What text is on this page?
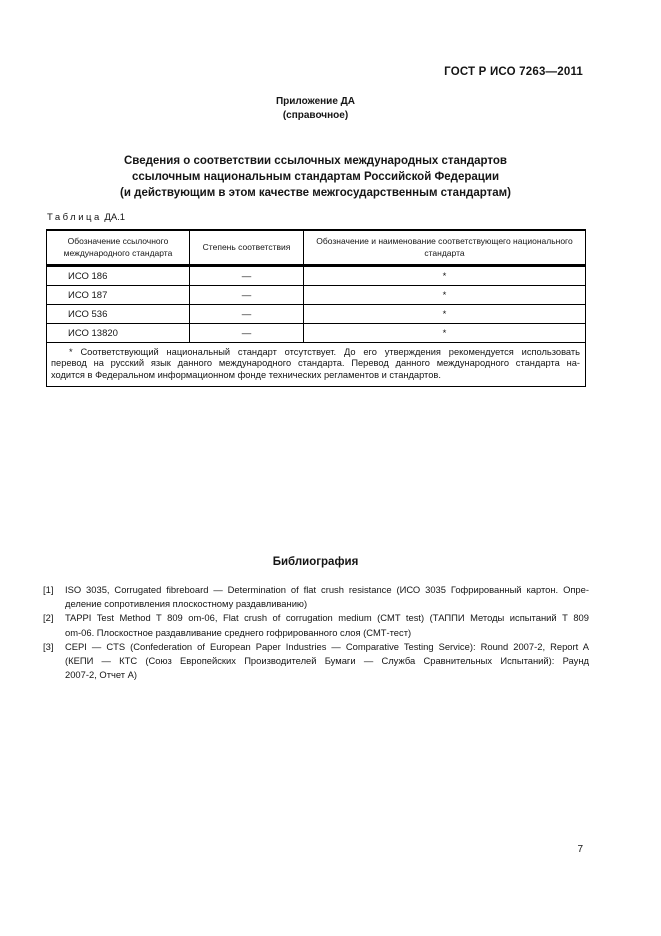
ГОСТ Р ИСО 7263—2011
Приложение ДА
(справочное)
Сведения о соответствии ссылочных международных стандартов
ссылочным национальным стандартам Российской Федерации
(и действующим в этом качестве межгосударственным стандартам)
Таблица ДА.1
Обозначение ссылочного международного стандарта	Степень соответствия	Обозначение и наименование соответствующего национального стандарта
ИСО 186	—	*
ИСО 187	—	*
ИСО 536	—	*
ИСО 13820	—	*

* Соответствующий национальный стандарт отсутствует. До его утверждения рекомендуется использовать
перевод на русский язык данного международного стандарта. Перевод данного международного стандарта на-
ходится в Федеральном информационном фонде технических регламентов и стандартов.		
Библиография
[1]	ISO 3035, Corrugated fibreboard — Determination of flat crush resistance (ИСО 3035 Гофрированный картон. Опре-
деление сопротивления плоскостному раздавливанию)
[2]	TAPPI Test Method T 809 om-06, Flat crush of corrugation medium (CMT test) (ТАППИ Методы испытаний Т 809
om-06. Плоскостное раздавливание среднего гофрированного слоя (СМТ-тест)
[3]	CEPI — CTS (Confederation of European Paper Industries — Comparative Testing Service): Round 2007-2, Report A
(КЕПИ — КТС (Союз Европейских Производителей Бумаги — Служба Сравнительных Испытаний): Раунд
2007-2, Отчет А)
7
